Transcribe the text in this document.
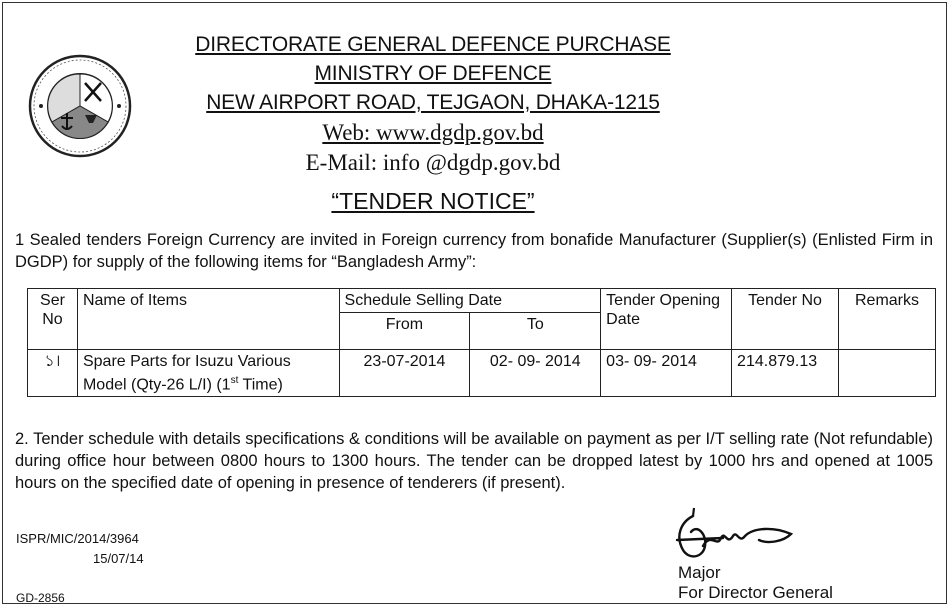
DIRECTORATE GENERAL DEFENCE PURCHASE
MINISTRY OF DEFENCE
NEW AIRPORT ROAD, TEJGAON, DHAKA-1215
Web: www.dgdp.gov.bd
E-Mail: info @dgdp.gov.bd
“TENDER NOTICE”
1 Sealed tenders Foreign Currency are invited in Foreign currency from bonafide Manufacturer (Supplier(s) (Enlisted Firm in DGDP) for supply of the following items for “Bangladesh Army”:
Ser No	Name of Items	Schedule Selling Date		Tender Opening Date	Tender No	Remarks
		From	To			
১।	Spare Parts for Isuzu Various Model (Qty-26 L/I) (1st Time)	23-07-2014	02- 09- 2014	03- 09- 2014	214.879.13	
2. Tender schedule with details specifications & conditions will be available on payment as per I/T selling rate (Not refundable) during office hour between 0800 hours to 1300 hours. The tender can be dropped latest by 1000 hrs and opened at 1005 hours on the specified date of opening in presence of tenderers (if present).
ISPR/MIC/2014/3964
15/07/14
GD-2856
Major
For Director General
